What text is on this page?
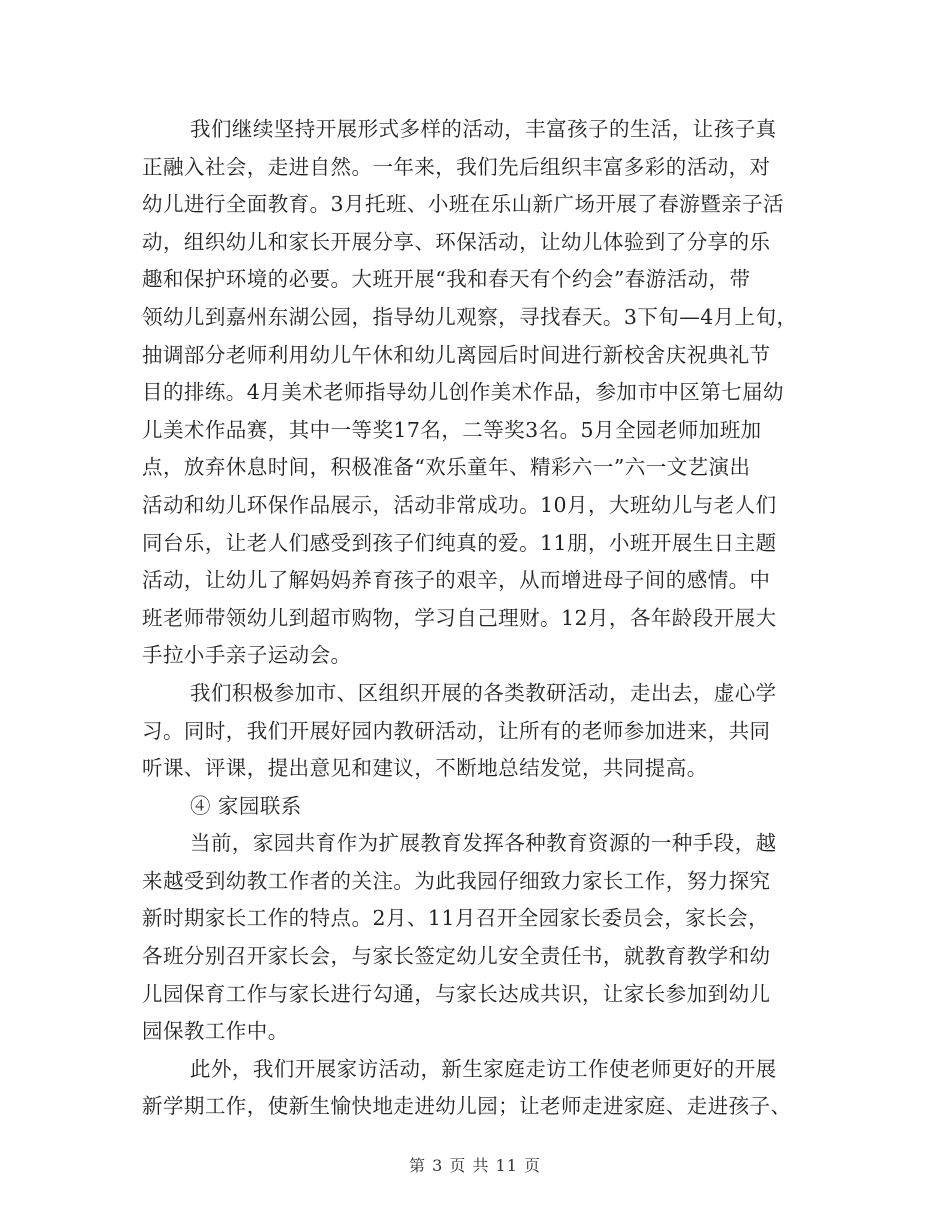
我们继续坚持开展形式多样的活动，丰富孩子的生活，让孩子真
正融入社会，走进自然。一年来，我们先后组织丰富多彩的活动，对
幼儿进行全面教育。3月托班、小班在乐山新广场开展了春游暨亲子活
动，组织幼儿和家长开展分享、环保活动，让幼儿体验到了分享的乐
趣和保护环境的必要。大班开展“我和春天有个约会”春游活动，带
领幼儿到嘉州东湖公园，指导幼儿观察，寻找春天。3下旬—4月上旬，
抽调部分老师利用幼儿午休和幼儿离园后时间进行新校舍庆祝典礼节
目的排练。4月美术老师指导幼儿创作美术作品，参加市中区第七届幼
儿美术作品赛，其中一等奖17名，二等奖3名。5月全园老师加班加
点，放弃休息时间，积极准备“欢乐童年、精彩六一”六一文艺演出
活动和幼儿环保作品展示，活动非常成功。10月，大班幼儿与老人们
同台乐，让老人们感受到孩子们纯真的爱。11朋，小班开展生日主题
活动，让幼儿了解妈妈养育孩子的艰辛，从而增进母子间的感情。中
班老师带领幼儿到超市购物，学习自己理财。12月，各年龄段开展大
手拉小手亲子运动会。
我们积极参加市、区组织开展的各类教研活动，走出去，虚心学
习。同时，我们开展好园内教研活动，让所有的老师参加进来，共同
听课、评课，提出意见和建议，不断地总结发觉，共同提高。
④ 家园联系
当前，家园共育作为扩展教育发挥各种教育资源的一种手段，越
来越受到幼教工作者的关注。为此我园仔细致力家长工作，努力探究
新时期家长工作的特点。2月、11月召开全园家长委员会，家长会，
各班分别召开家长会，与家长签定幼儿安全责任书，就教育教学和幼
儿园保育工作与家长进行勾通，与家长达成共识，让家长参加到幼儿
园保教工作中。
此外，我们开展家访活动，新生家庭走访工作使老师更好的开展
新学期工作，使新生愉快地走进幼儿园；让老师走进家庭、走进孩子、
第 3 页 共 11 页
